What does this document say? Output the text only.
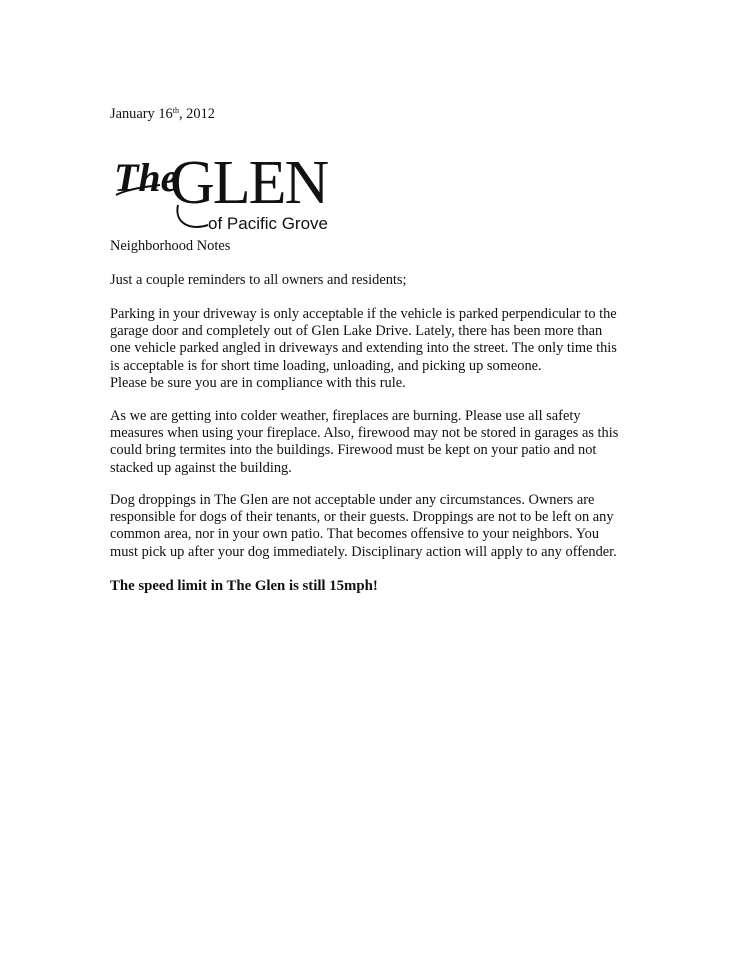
January 16th, 2012
The
GLEN
of Pacific Grove
Neighborhood Notes
Just a couple reminders to all owners and residents;

Parking in your driveway is only acceptable if the vehicle is parked perpendicular to the
garage door and completely out of Glen Lake Drive. Lately, there has been more than
one vehicle parked angled in driveways and extending into the street. The only time this
is acceptable is for short time loading, unloading, and picking up someone.
Please be sure you are in compliance with this rule.

As we are getting into colder weather, fireplaces are burning. Please use all safety
measures when using your fireplace. Also, firewood may not be stored in garages as this
could bring termites into the buildings. Firewood must be kept on your patio and not
stacked up against the building.

Dog droppings in The Glen are not acceptable under any circumstances. Owners are
responsible for dogs of their tenants, or their guests. Droppings are not to be left on any
common area, nor in your own patio. That becomes offensive to your neighbors. You
must pick up after your dog immediately. Disciplinary action will apply to any offender.

The speed limit in The Glen is still 15mph!
